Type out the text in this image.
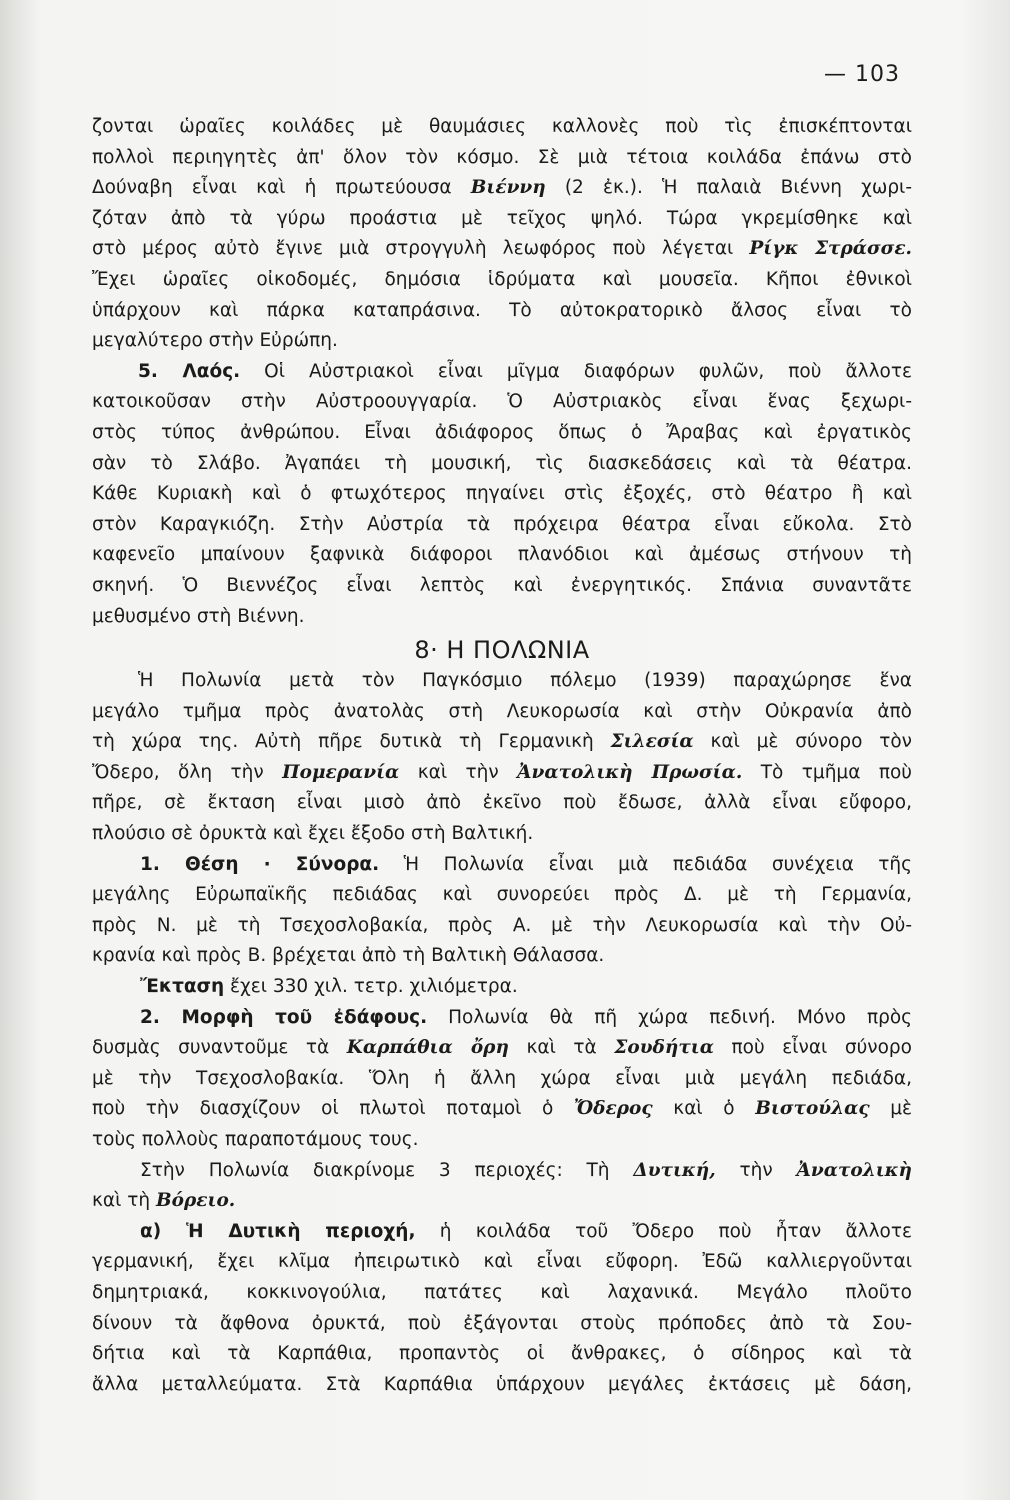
— 103
ζονται ὡραῖες κοιλάδες μὲ θαυμάσιες καλλονὲς ποὺ τὶς ἐπισκέπτονται
πολλοὶ περιηγητὲς ἀπ' ὅλον τὸν κόσμο. Σὲ μιὰ τέτοια κοιλάδα ἐπάνω στὸ
Δούναβη εἶναι καὶ ἡ πρωτεύουσα Βιέννη (2 ἐκ.). Ἡ παλαιὰ Βιέννη χωρι-
ζόταν ἀπὸ τὰ γύρω προάστια μὲ τεῖχος ψηλό. Τώρα γκρεμίσθηκε καὶ
στὸ μέρος αὐτὸ ἔγινε μιὰ στρογγυλὴ λεωφόρος ποὺ λέγεται Ρίγκ Στράσσε.
Ἔχει ὡραῖες οἰκοδομές, δημόσια ἱδρύματα καὶ μουσεῖα. Κῆποι ἐθνικοὶ
ὑπάρχουν καὶ πάρκα καταπράσινα. Τὸ αὐτοκρατορικὸ ἄλσος εἶναι τὸ
μεγαλύτερο στὴν Εὐρώπη.
5. Λαός. Οἱ Αὐστριακοὶ εἶναι μῖγμα διαφόρων φυλῶν, ποὺ ἄλλοτε
κατοικοῦσαν στὴν Αὐστροουγγαρία. Ὁ Αὐστριακὸς εἶναι ἕνας ξεχωρι-
στὸς τύπος ἀνθρώπου. Εἶναι ἀδιάφορος ὅπως ὁ Ἄραβας καὶ ἐργατικὸς
σὰν τὸ Σλάβο. Ἀγαπάει τὴ μουσική, τὶς διασκεδάσεις καὶ τὰ θέατρα.
Κάθε Κυριακὴ καὶ ὁ φτωχότερος πηγαίνει στὶς ἐξοχές, στὸ θέατρο ἢ καὶ
στὸν Καραγκιόζη. Στὴν Αὐστρία τὰ πρόχειρα θέατρα εἶναι εὔκολα. Στὸ
καφενεῖο μπαίνουν ξαφνικὰ διάφοροι πλανόδιοι καὶ ἀμέσως στήνουν τὴ
σκηνή. Ὁ Βιεννέζος εἶναι λεπτὸς καὶ ἐνεργητικός. Σπάνια συναντᾶτε
μεθυσμένο στὴ Βιέννη.
8· Η ΠΟΛΩΝΙΑ
Ἡ Πολωνία μετὰ τὸν Παγκόσμιο πόλεμο (1939) παραχώρησε ἕνα
μεγάλο τμῆμα πρὸς ἀνατολὰς στὴ Λευκορωσία καὶ στὴν Οὐκρανία ἀπὸ
τὴ χώρα της. Αὐτὴ πῆρε δυτικὰ τὴ Γερμανικὴ Σιλεσία καὶ μὲ σύνορο τὸν
Ὄδερο, ὅλη τὴν Πομερανία καὶ τὴν Ἀνατολικὴ Πρωσία. Τὸ τμῆμα ποὺ
πῆρε, σὲ ἔκταση εἶναι μισὸ ἀπὸ ἐκεῖνο ποὺ ἔδωσε, ἀλλὰ εἶναι εὔφορο,
πλούσιο σὲ ὀρυκτὰ καὶ ἔχει ἔξοδο στὴ Βαλτική.
1. Θέση · Σύνορα. Ἡ Πολωνία εἶναι μιὰ πεδιάδα συνέχεια τῆς
μεγάλης Εὐρωπαϊκῆς πεδιάδας καὶ συνορεύει πρὸς Δ. μὲ τὴ Γερμανία,
πρὸς Ν. μὲ τὴ Τσεχοσλοβακία, πρὸς Α. μὲ τὴν Λευκορωσία καὶ τὴν Οὐ-
κρανία καὶ πρὸς Β. βρέχεται ἀπὸ τὴ Βαλτικὴ Θάλασσα.
Ἔκταση ἔχει 330 χιλ. τετρ. χιλιόμετρα.
2. Μορφὴ τοῦ ἐδάφους. Πολωνία θὰ πῆ χώρα πεδινή. Μόνο πρὸς
δυσμὰς συναντοῦμε τὰ Καρπάθια ὄρη καὶ τὰ Σουδήτια ποὺ εἶναι σύνορο
μὲ τὴν Τσεχοσλοβακία. Ὅλη ἡ ἄλλη χώρα εἶναι μιὰ μεγάλη πεδιάδα,
ποὺ τὴν διασχίζουν οἱ πλωτοὶ ποταμοὶ ὁ Ὄδερος καὶ ὁ Βιστούλας μὲ
τοὺς πολλοὺς παραποτάμους τους.
Στὴν Πολωνία διακρίνομε 3 περιοχές: Τὴ Δυτική, τὴν Ἀνατολικὴ
καὶ τὴ Βόρειο.
α) Ἡ Δυτικὴ περιοχή, ἡ κοιλάδα τοῦ Ὄδερο ποὺ ἦταν ἄλλοτε
γερμανική, ἔχει κλῖμα ἠπειρωτικὸ καὶ εἶναι εὔφορη. Ἐδῶ καλλιεργοῦνται
δημητριακά, κοκκινογούλια, πατάτες καὶ λαχανικά. Μεγάλο πλοῦτο
δίνουν τὰ ἄφθονα ὀρυκτά, ποὺ ἐξάγονται στοὺς πρόποδες ἀπὸ τὰ Σου-
δήτια καὶ τὰ Καρπάθια, προπαντὸς οἱ ἄνθρακες, ὁ σίδηρος καὶ τὰ
ἄλλα μεταλλεύματα. Στὰ Καρπάθια ὑπάρχουν μεγάλες ἐκτάσεις μὲ δάση,
